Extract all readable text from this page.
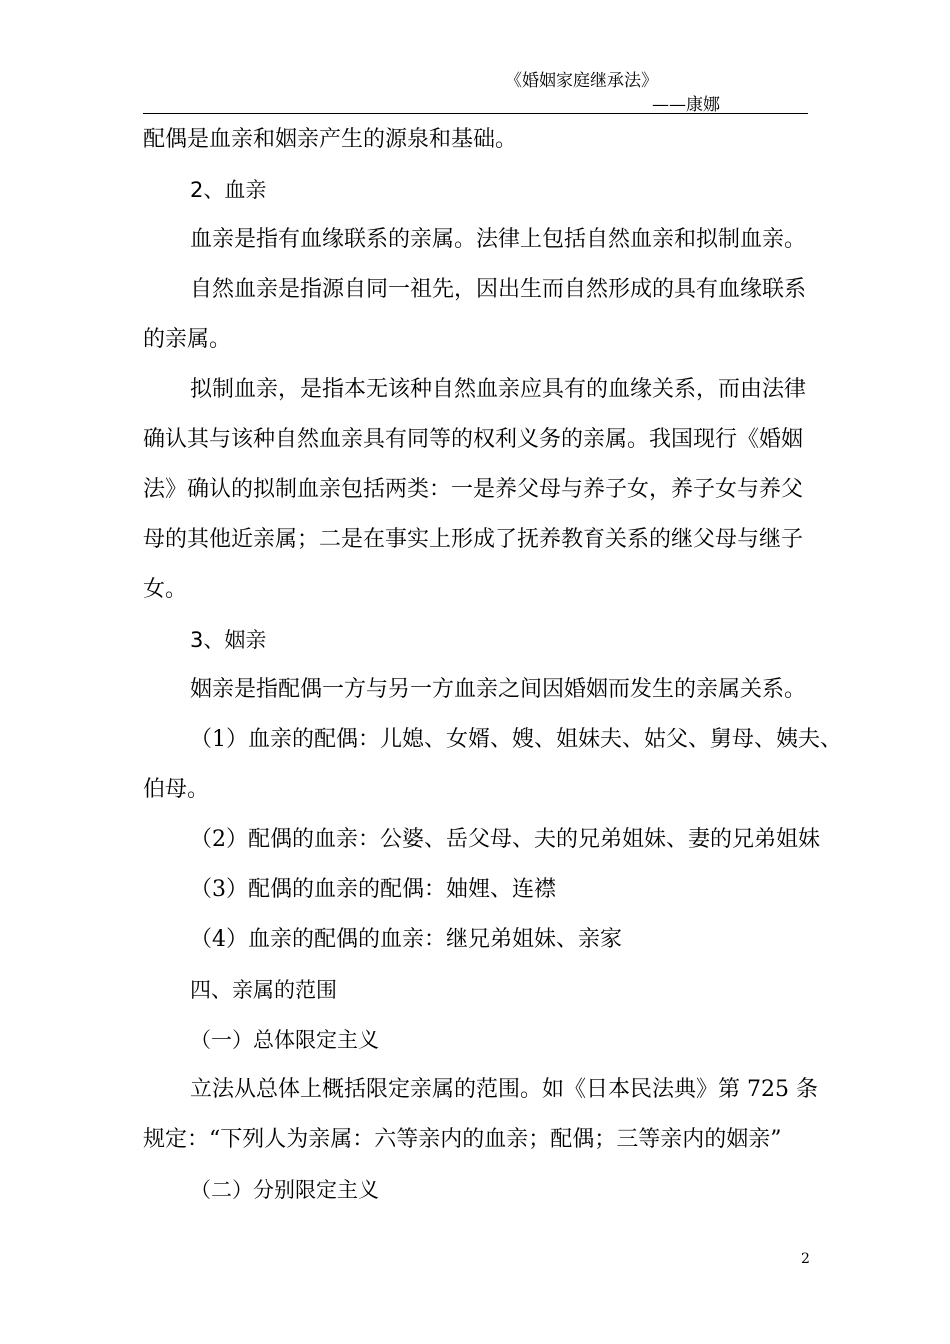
《婚姻家庭继承法》
——康娜

配偶是血亲和姻亲产生的源泉和基础。

2、血亲

血亲是指有血缘联系的亲属。法律上包括自然血亲和拟制血亲。

自然血亲是指源自同一祖先，因出生而自然形成的具有血缘联系

的亲属。

拟制血亲，是指本无该种自然血亲应具有的血缘关系，而由法律

确认其与该种自然血亲具有同等的权利义务的亲属。我国现行《婚姻

法》确认的拟制血亲包括两类：一是养父母与养子女，养子女与养父

母的其他近亲属；二是在事实上形成了抚养教育关系的继父母与继子

女。

3、姻亲

姻亲是指配偶一方与另一方血亲之间因婚姻而发生的亲属关系。

（1）血亲的配偶：儿媳、女婿、嫂、姐妹夫、姑父、舅母、姨夫、

伯母。

（2）配偶的血亲：公婆、岳父母、夫的兄弟姐妹、妻的兄弟姐妹

（3）配偶的血亲的配偶：妯娌、连襟

（4）血亲的配偶的血亲：继兄弟姐妹、亲家

四、亲属的范围

（一）总体限定主义

立法从总体上概括限定亲属的范围。如《日本民法典》第 725 条

规定：“下列人为亲属：六等亲内的血亲；配偶；三等亲内的姻亲”

（二）分别限定主义

2
